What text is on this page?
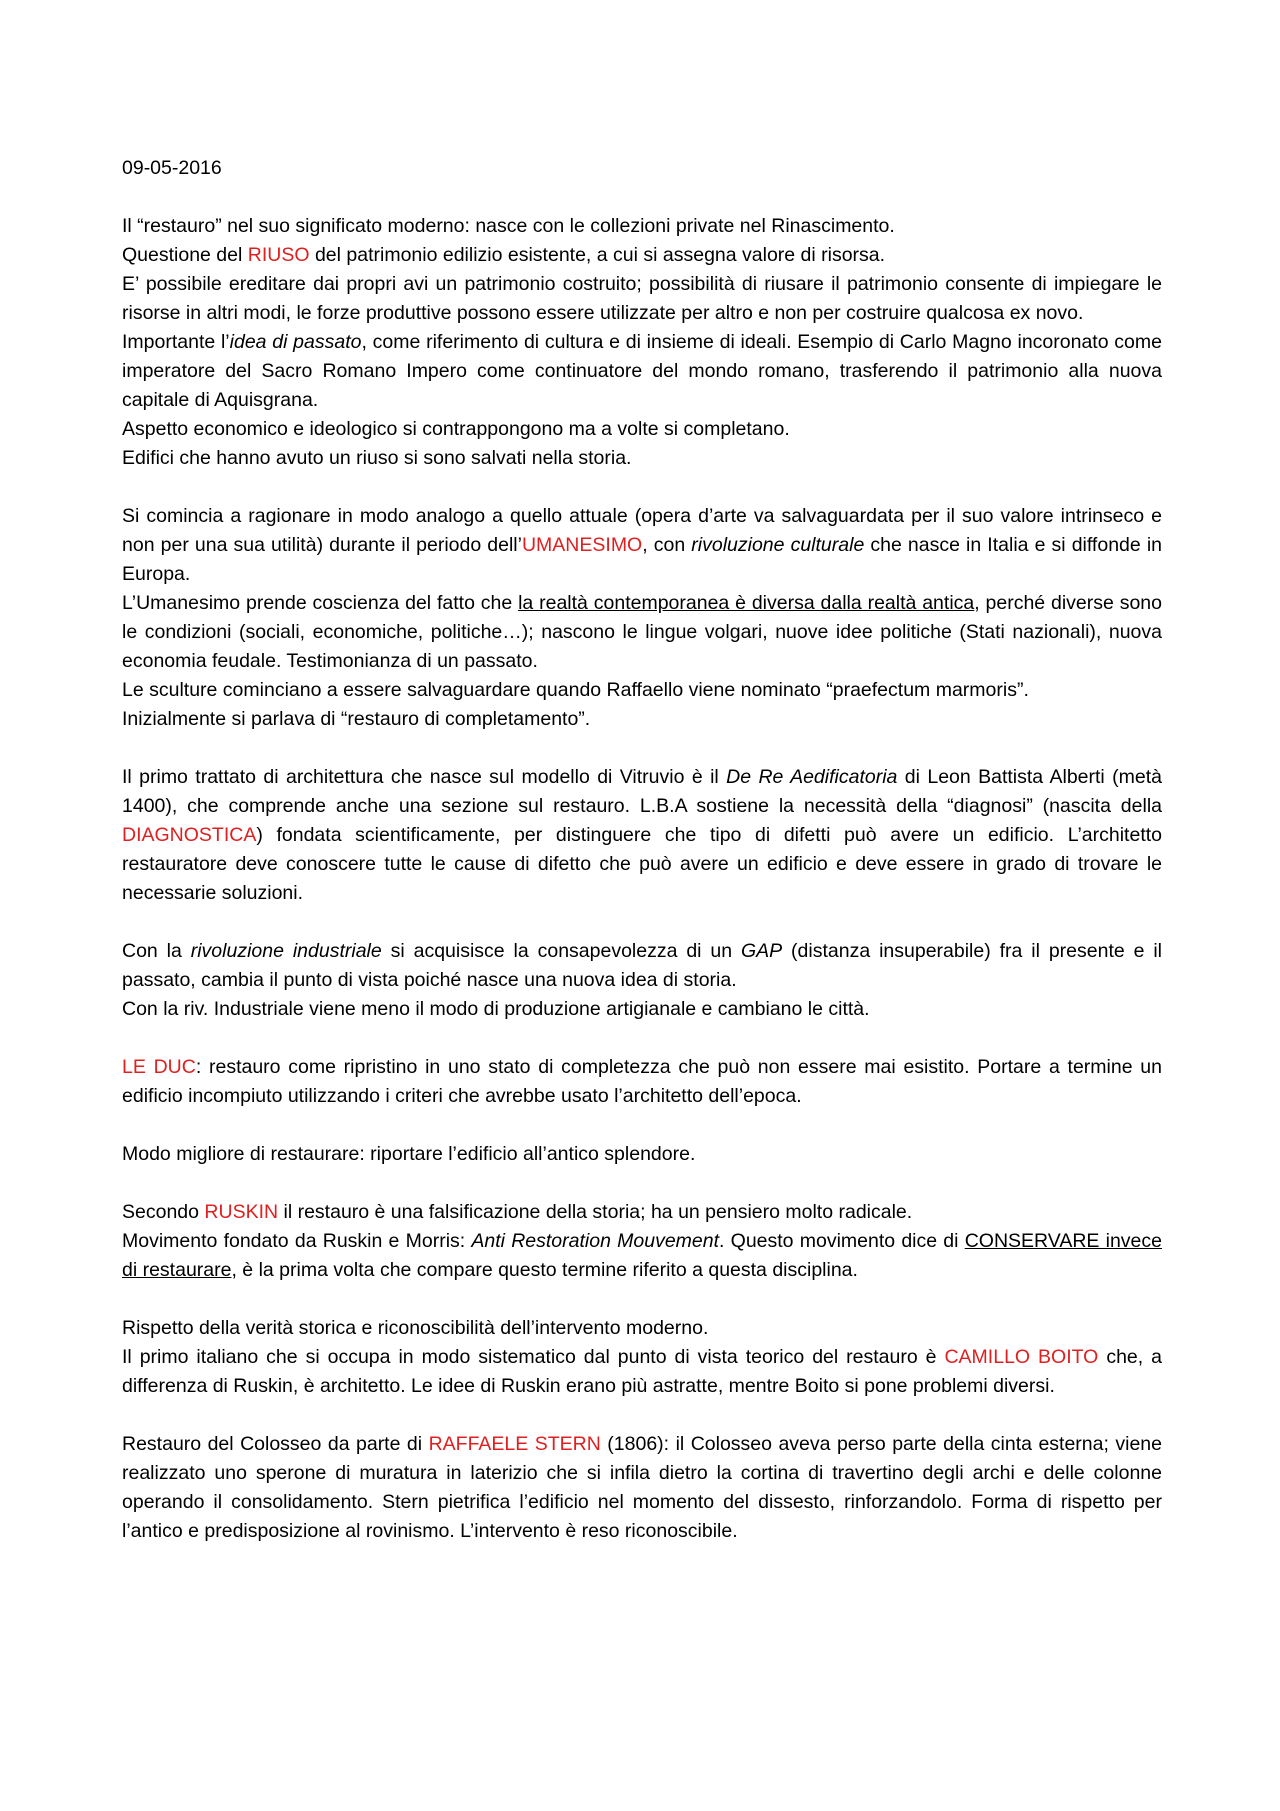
09-05-2016
Il “restauro” nel suo significato moderno: nasce con le collezioni private nel Rinascimento.
Questione del RIUSO del patrimonio edilizio esistente, a cui si assegna valore di risorsa.
E’ possibile ereditare dai propri avi un patrimonio costruito; possibilità di riusare il patrimonio consente di impiegare le risorse in altri modi, le forze produttive possono essere utilizzate per altro e non per costruire qualcosa ex novo.
Importante l’idea di passato, come riferimento di cultura e di insieme di ideali. Esempio di Carlo Magno incoronato come imperatore del Sacro Romano Impero come continuatore del mondo romano, trasferendo il patrimonio alla nuova capitale di Aquisgrana.
Aspetto economico e ideologico si contrappongono ma a volte si completano.
Edifici che hanno avuto un riuso si sono salvati nella storia.
Si comincia a ragionare in modo analogo a quello attuale (opera d’arte va salvaguardata per il suo valore intrinseco e non per una sua utilità) durante il periodo dell’UMANESIMO, con rivoluzione culturale che nasce in Italia e si diffonde in Europa.
L’Umanesimo prende coscienza del fatto che la realtà contemporanea è diversa dalla realtà antica, perché diverse sono le condizioni (sociali, economiche, politiche…); nascono le lingue volgari, nuove idee politiche (Stati nazionali), nuova economia feudale. Testimonianza di un passato.
Le sculture cominciano a essere salvaguardare quando Raffaello viene nominato “praefectum marmoris”.
Inizialmente si parlava di “restauro di completamento”.
Il primo trattato di architettura che nasce sul modello di Vitruvio è il De Re Aedificatoria di Leon Battista Alberti (metà 1400), che comprende anche una sezione sul restauro. L.B.A sostiene la necessità della “diagnosi” (nascita della DIAGNOSTICA) fondata scientificamente, per distinguere che tipo di difetti può avere un edificio. L’architetto restauratore deve conoscere tutte le cause di difetto che può avere un edificio e deve essere in grado di trovare le necessarie soluzioni.
Con la rivoluzione industriale si acquisisce la consapevolezza di un GAP (distanza insuperabile) fra il presente e il passato, cambia il punto di vista poiché nasce una nuova idea di storia.
Con la riv. Industriale viene meno il modo di produzione artigianale e cambiano le città.
LE DUC: restauro come ripristino in uno stato di completezza che può non essere mai esistito. Portare a termine un edificio incompiuto utilizzando i criteri che avrebbe usato l’architetto dell’epoca.
Modo migliore di restaurare: riportare l’edificio all’antico splendore.
Secondo RUSKIN il restauro è una falsificazione della storia; ha un pensiero molto radicale.
Movimento fondato da Ruskin e Morris: Anti Restoration Mouvement. Questo movimento dice di CONSERVARE invece di restaurare, è la prima volta che compare questo termine riferito a questa disciplina.
Rispetto della verità storica e riconoscibilità dell’intervento moderno.
Il primo italiano che si occupa in modo sistematico dal punto di vista teorico del restauro è CAMILLO BOITO che, a differenza di Ruskin, è architetto. Le idee di Ruskin erano più astratte, mentre Boito si pone problemi diversi.
Restauro del Colosseo da parte di RAFFAELE STERN (1806): il Colosseo aveva perso parte della cinta esterna; viene realizzato uno sperone di muratura in laterizio che si infila dietro la cortina di travertino degli archi e delle colonne operando il consolidamento. Stern pietrifica l’edificio nel momento del dissesto, rinforzandolo. Forma di rispetto per l’antico e predisposizione al rovinismo. L’intervento è reso riconoscibile.
